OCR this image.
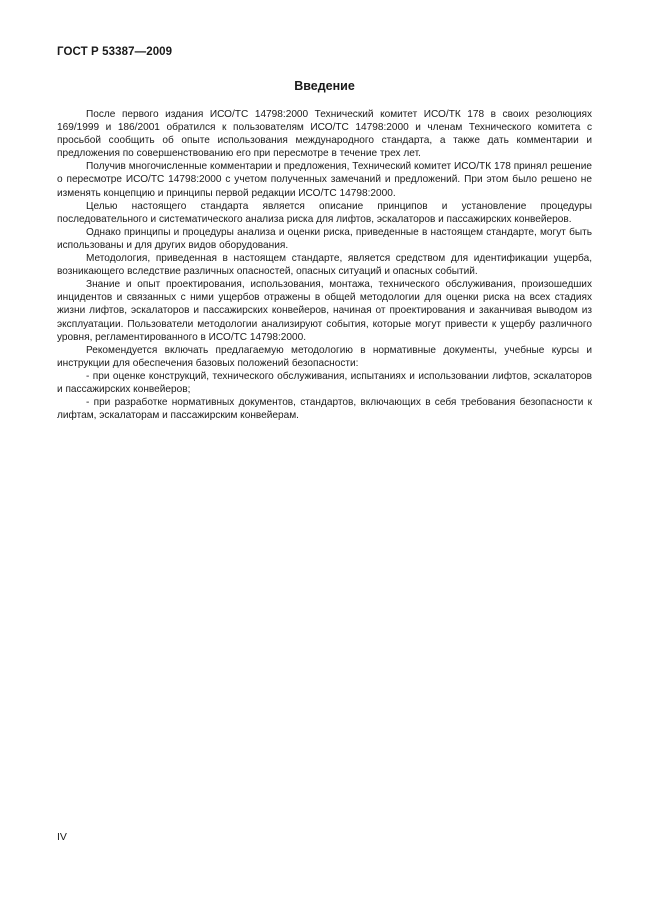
ГОСТ Р 53387—2009
Введение

После первого издания ИСО/ТС 14798:2000 Технический комитет ИСО/ТК 178 в своих резолюциях 169/1999 и 186/2001 обратился к пользователям ИСО/ТС 14798:2000 и членам Технического комитета с просьбой сообщить об опыте использования международного стандарта, а также дать комментарии и предложения по совершенствованию его при пересмотре в течение трех лет.

Получив многочисленные комментарии и предложения, Технический комитет ИСО/ТК 178 принял решение о пересмотре ИСО/ТС 14798:2000 с учетом полученных замечаний и предложений. При этом было решено не изменять концепцию и принципы первой редакции ИСО/ТС 14798:2000.

Целью настоящего стандарта является описание принципов и установление процедуры последовательного и систематического анализа риска для лифтов, эскалаторов и пассажирских конвейеров.

Однако принципы и процедуры анализа и оценки риска, приведенные в настоящем стандарте, могут быть использованы и для других видов оборудования.

Методология, приведенная в настоящем стандарте, является средством для идентификации ущерба, возникающего вследствие различных опасностей, опасных ситуаций и опасных событий.

Знание и опыт проектирования, использования, монтажа, технического обслуживания, произошедших инцидентов и связанных с ними ущербов отражены в общей методологии для оценки риска на всех стадиях жизни лифтов, эскалаторов и пассажирских конвейеров, начиная от проектирования и заканчивая выводом из эксплуатации. Пользователи методологии анализируют события, которые могут привести к ущербу различного уровня, регламентированного в ИСО/ТС 14798:2000.

Рекомендуется включать предлагаемую методологию в нормативные документы, учебные курсы и инструкции для обеспечения базовых положений безопасности:

- при оценке конструкций, технического обслуживания, испытаниях и использовании лифтов, эскалаторов и пассажирских конвейеров;

- при разработке нормативных документов, стандартов, включающих в себя требования безопасности к лифтам, эскалаторам и пассажирским конвейерам.

IV
